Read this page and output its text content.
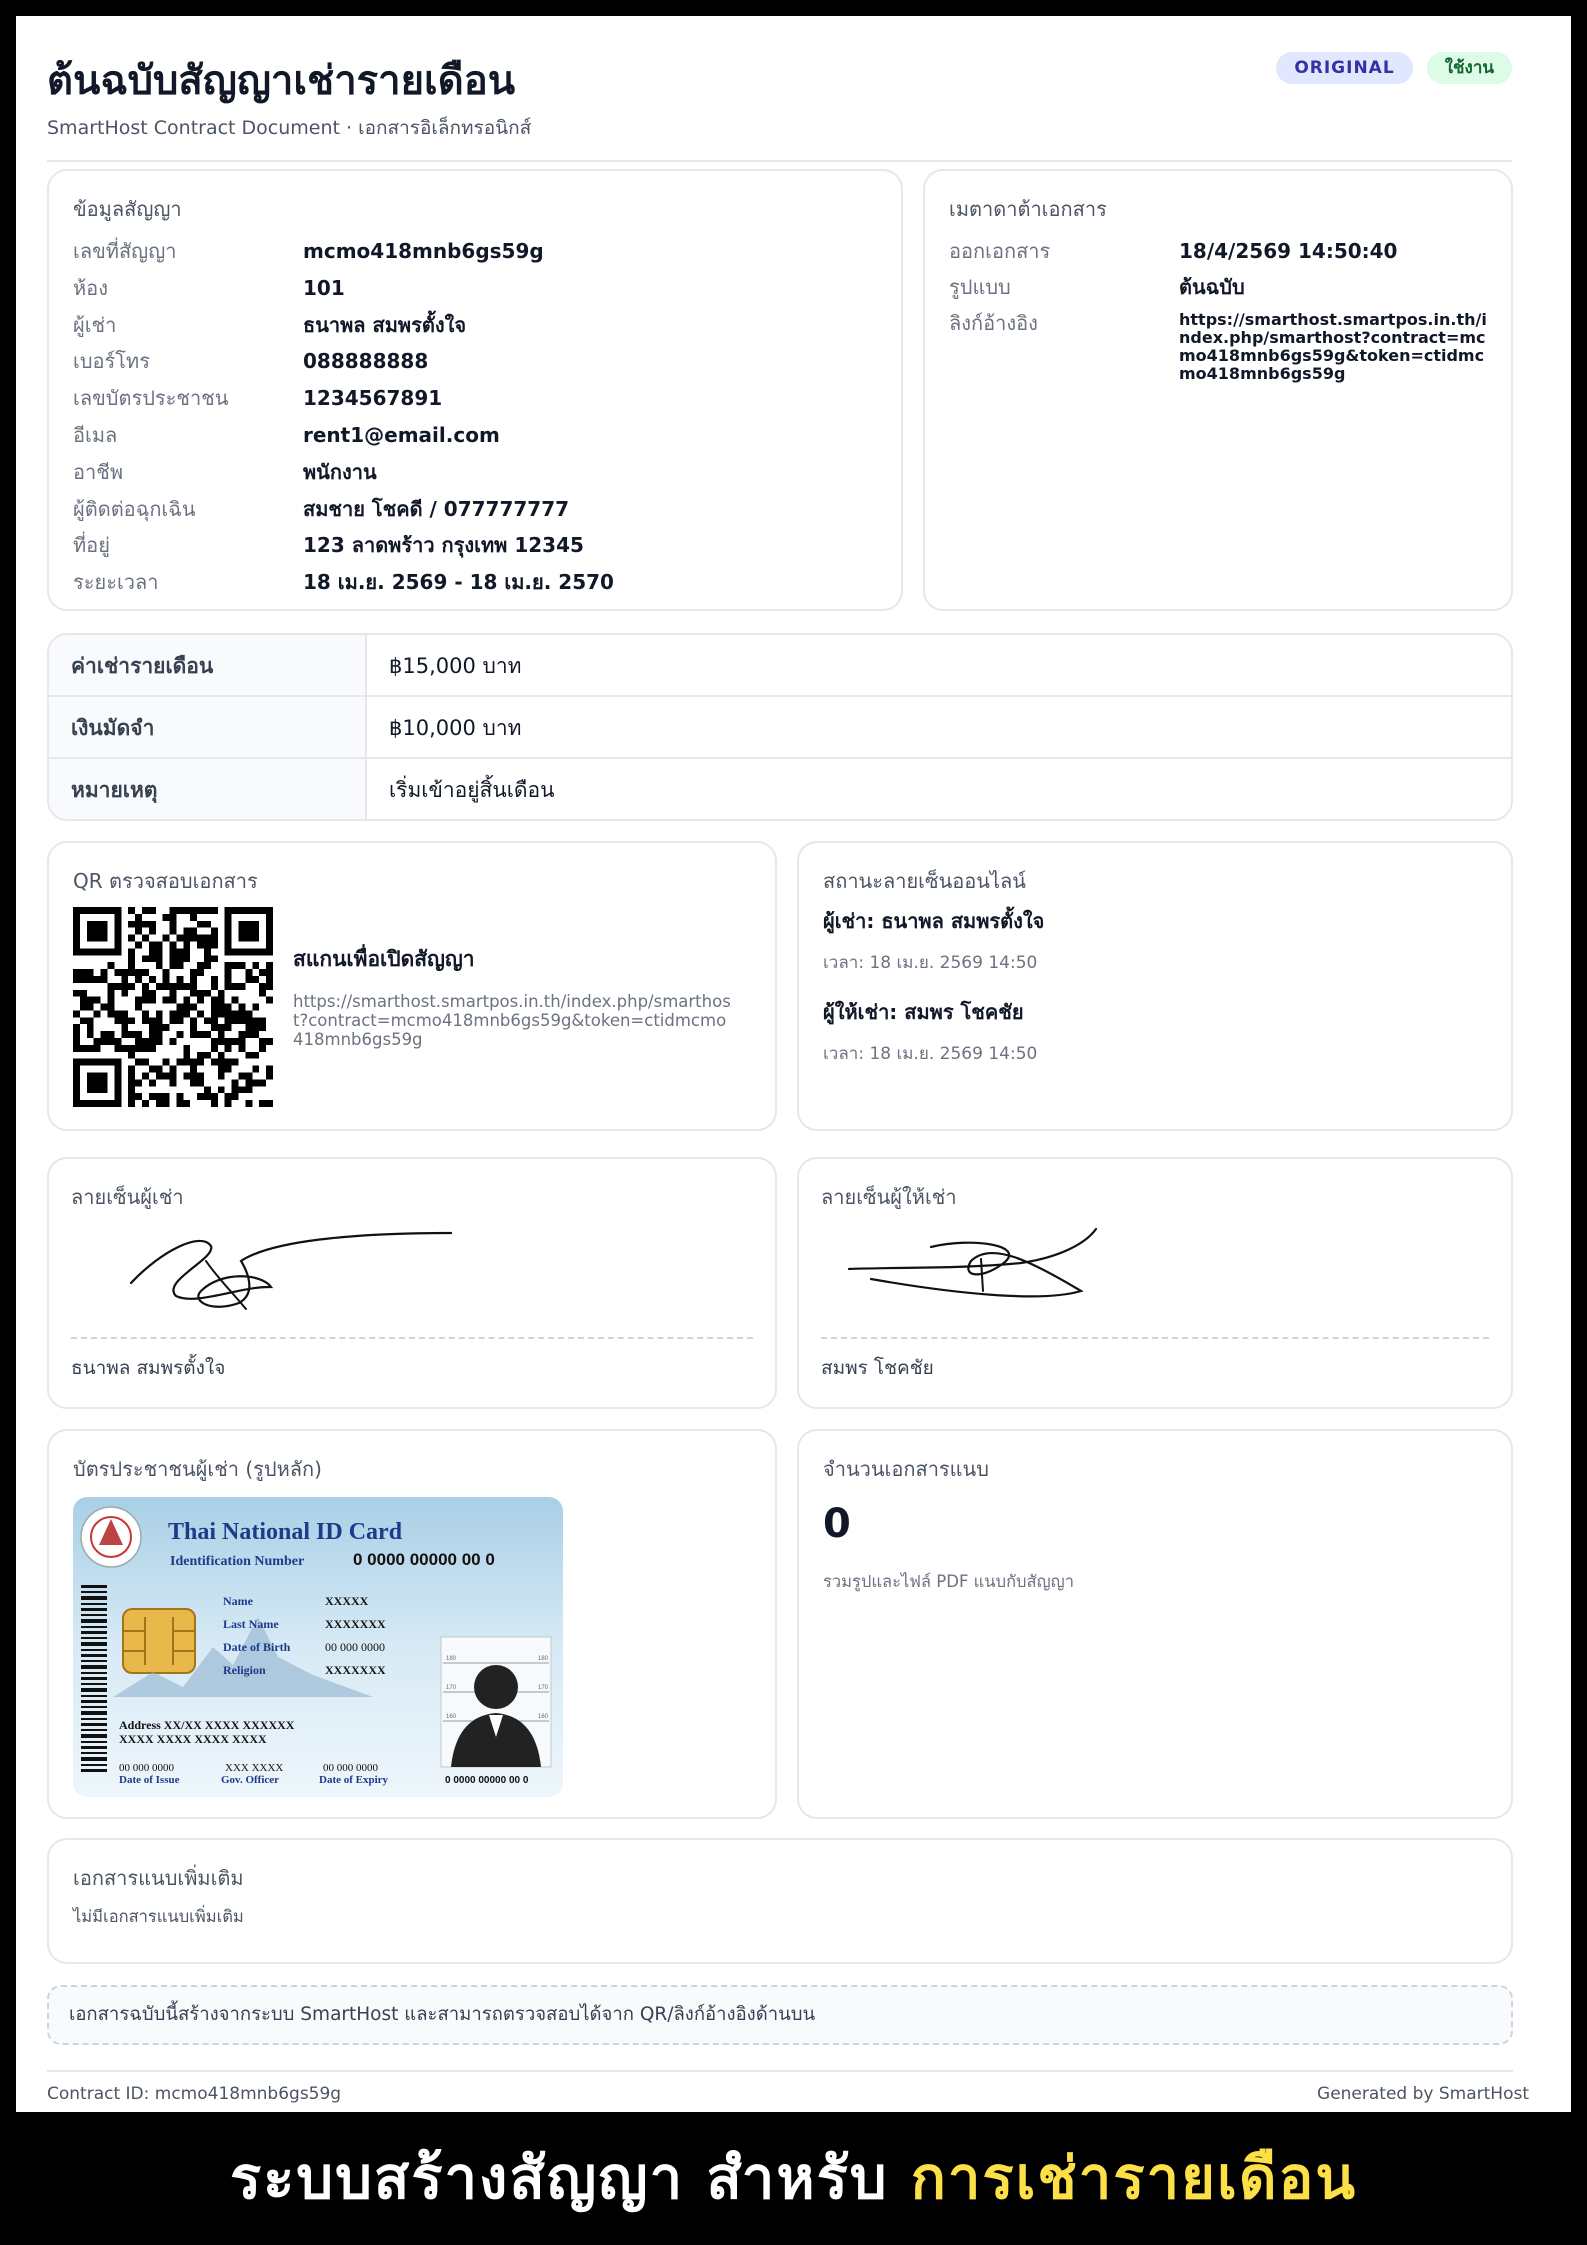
ต้นฉบับสัญญาเช่ารายเดือน
SmartHost Contract Document · เอกสารอิเล็กทรอนิกส์
ORIGINAL	ใช้งาน
ข้อมูลสัญญา
เลขที่สัญญา	mcmo418mnb6gs59g
ห้อง	101
ผู้เช่า	ธนาพล สมพรตั้งใจ
เบอร์โทร	088888888
เลขบัตรประชาชน	1234567891
อีเมล	rent1@email.com
อาชีพ	พนักงาน
ผู้ติดต่อฉุกเฉิน	สมชาย โชคดี / 077777777
ที่อยู่	123 ลาดพร้าว กรุงเทพ 12345
ระยะเวลา	18 เม.ย. 2569 - 18 เม.ย. 2570
เมตาดาต้าเอกสาร
ออกเอกสาร	18/4/2569 14:50:40
รูปแบบ	ต้นฉบับ
ลิงก์อ้างอิง	https://smarthost.smartpos.in.th/index.php/smarthost?contract=mcmo418mnb6gs59g&token=ctidmcmo418mnb6gs59g
ค่าเช่ารายเดือน	฿15,000 บาท
เงินมัดจำ	฿10,000 บาท
หมายเหตุ	เริ่มเข้าอยู่สิ้นเดือน
QR ตรวจสอบเอกสาร
สแกนเพื่อเปิดสัญญา
https://smarthost.smartpos.in.th/index.php/smarthost?contract=mcmo418mnb6gs59g&token=ctidmcmo418mnb6gs59g
สถานะลายเซ็นออนไลน์
ผู้เช่า: ธนาพล สมพรตั้งใจ
เวลา: 18 เม.ย. 2569 14:50
ผู้ให้เช่า: สมพร โชคชัย
เวลา: 18 เม.ย. 2569 14:50
ลายเซ็นผู้เช่า
ธนาพล สมพรตั้งใจ
ลายเซ็นผู้ให้เช่า
สมพร โชคชัย
บัตรประชาชนผู้เช่า (รูปหลัก)
Thai National ID Card
Identification Number	0 0000 00000 00 0
Name	XXXXX
Last Name	XXXXXXX
Date of Birth	00 000 0000
Religion	XXXXXXX
Address XX/XX XXXX XXXXXX
XXXX XXXX XXXX XXXX
00 000 0000
Date of Issue
XXX XXXX
Gov. Officer
00 000 0000
Date of Expiry
180	180
170	170
160	160
0 0000 00000 00 0
จำนวนเอกสารแนบ
0
รวมรูปและไฟล์ PDF แนบกับสัญญา
เอกสารแนบเพิ่มเติม
ไม่มีเอกสารแนบเพิ่มเติม
เอกสารฉบับนี้สร้างจากระบบ SmartHost และสามารถตรวจสอบได้จาก QR/ลิงก์อ้างอิงด้านบน
Contract ID: mcmo418mnb6gs59g	Generated by SmartHost
ระบบสร้างสัญญา สำหรับ การเช่ารายเดือน
